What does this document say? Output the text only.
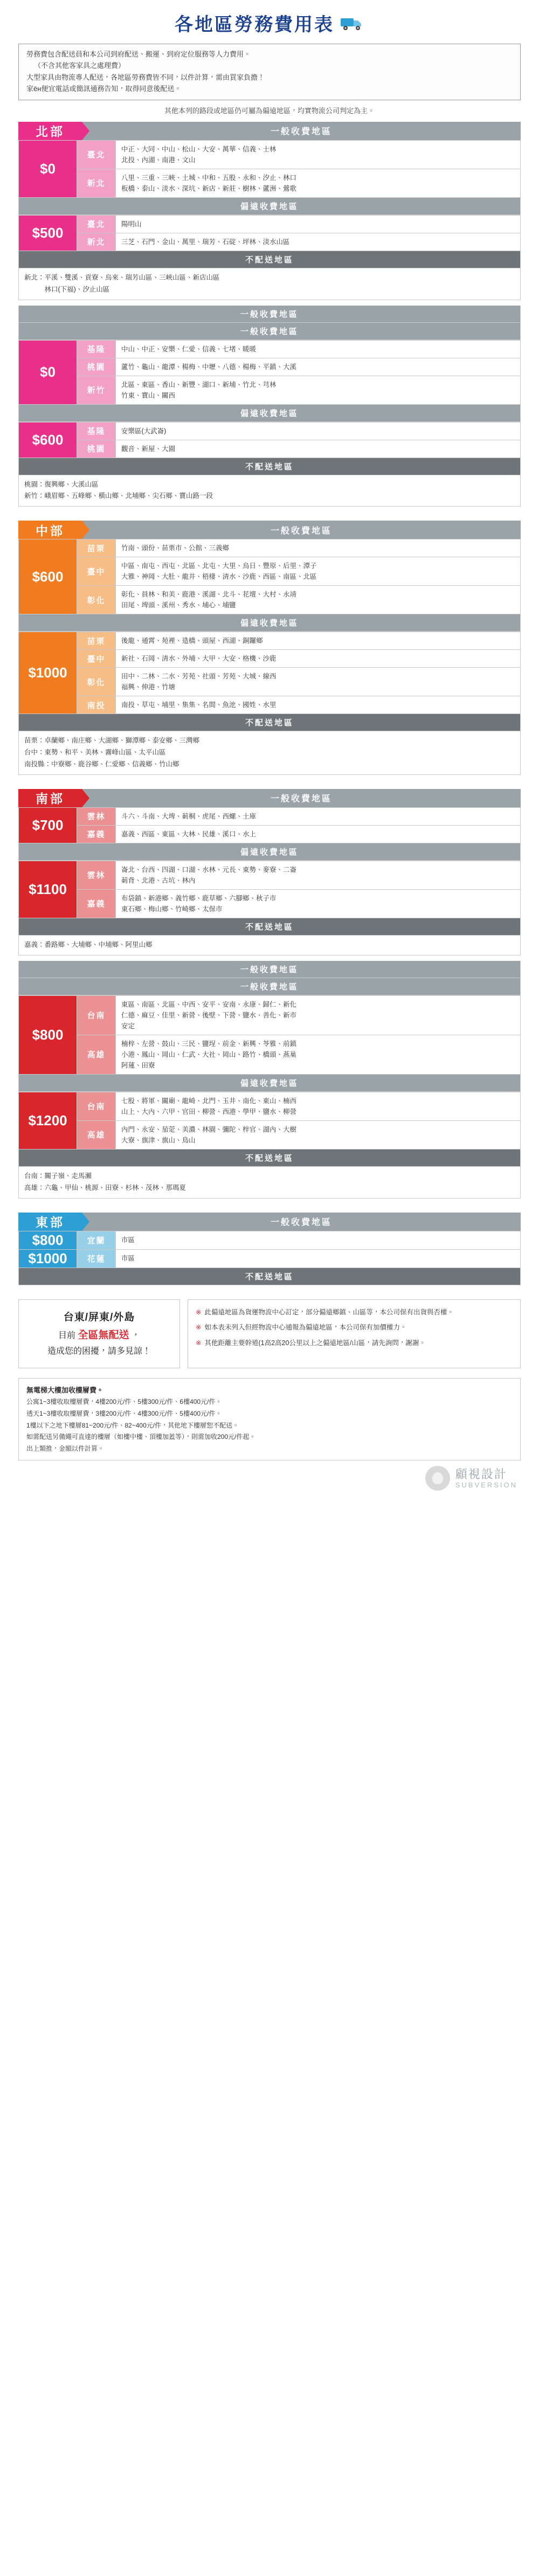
各地區勞務費用表
勞務費包含配送員和本公司到府配送、搬運、到府定位服務等人力費用。
（不含其他客家具之處理費）
大型家具由物流專人配送，各地區勞務費皆不同，以件計算，需由買家負擔！
家ён便宜電話或簡訊通務告知，取得同意後配送。
其他本列的路段或地區仍可屬為偏遠地區，均實物流公司判定為主。
北部	一般收費地區
$0	臺北	中正、大同、中山、松山、大安、萬華、信義、士林
北投、內湖、南港、文山

	新北	八里、三重、三峽、土城、中和、五股、永和、汐止、林口
板橋、泰山、淡水、深坑、新店、新莊、樹林、蘆洲、鶯歌
偏遠收費地區
$500	臺北	陽明山

	新北	三芝、石門、金山、萬里、瑞芳、石碇、坪林、淡水山區
不配送地區
新北：平溪、雙溪、貢寮、烏來、瑞芳山區、三峽山區、新店山區
　　　林口(下福)、汐止山區
一般收費地區
一般收費地區
$0	基隆	中山、中正、安樂、仁愛、信義、七堵、暖暖

	桃園	蘆竹、龜山、龍潭、楊梅、中壢、八德、楊梅、平鎮、大溪

	新竹	北區、東區、香山、新豐、湖口、新埔、竹北、芎林
竹東、寶山、關西
偏遠收費地區
$600	基隆	安樂區(大武崙)

	桃園	觀音、新屋、大園
不配送地區
桃園：復興鄉、大溪山區
新竹：峨眉鄉、五峰鄉、橫山鄉、北埔鄉、尖石鄉、寶山路一段
中部	一般收費地區
$600	苗栗	竹南、頭份、苗栗市、公館、三義鄉

	臺中	中區、南屯、西屯、北區、北屯、大里、烏日、豐原、后里、潭子
大雅、神岡、大肚、龍井、梧棲、清水、沙鹿、西區、南區、北區

	彰化	彰化、員林、和美、鹿港、溪湖、北斗、花壇、大村、永靖
田尾、埤頭、溪州、秀水、埔心、埔鹽
偏遠收費地區
$1000	苗栗	後龍、通霄、苑裡、造橋、頭屋、西湖、銅鑼鄉

	臺中	新社、石岡、清水、外埔、大甲、大安、格機、沙鹿

	彰化	田中、二林、二水、芳苑、社頭、芳苑、大城、線西
福興、伸港、竹塘

	南投	南投、草屯、埔里、集集、名間、魚池、國姓、水里
不配送地區
苗栗：卓蘭鄉、南庄鄉、大湖鄉、獅潭鄉、泰安鄉、三灣鄉
台中：東勢、和平、美林、霧峰山區、太平山區
南投縣：中寮鄉、鹿谷鄉、仁愛鄉、信義鄉、竹山鄉
南部	一般收費地區
$700	雲林	斗六、斗南、大埤、莿桐、虎尾、西螺、土庫

	嘉義	嘉義、西區、東區、大林、民雄、溪口、水上
偏遠收費地區
$1100	雲林	崙北、台西、四湖、口湖、水林、元長、東勢、麥寮、二崙
莿背、北港、古坑、林內

	嘉義	布袋鎮、新港鄉、義竹鄉、鹿草鄉、六腳鄉、秋子市
東石鄉、梅山鄉、竹崎鄉、太保市
不配送地區
嘉義：番路鄉、大埔鄉、中埔鄉、阿里山鄉
一般收費地區
一般收費地區
$800	台南	東區、南區、北區、中西、安平、安南、永康、歸仁、新化
仁德、麻豆、佳里、新營、後壁、下營、鹽水、善化、新市
安定

	高雄	楠梓、左營、鼓山、三民、鹽埕、前金、新興、苓雅、前鎮
小港、鳳山、岡山、仁武、大社、岡山、路竹、橋頭、燕巢
阿蓮、田寮
偏遠收費地區
$1200	台南	七股、將軍、關廟、龍崎、北門、玉井、南化、東山、楠西
山上、大內、六甲、官田、柳營、西港、學甲、鹽水、柳營

	高雄	內門、永安、茄萣、美濃、林園、彌陀、梓官、湖內、大樹
大寮、旗津、旗山、鳥山
不配送地區
台南：關子嶺、走馬瀨
高雄：六龜、甲仙、桃源、田寮、杉林、茂林、那瑪夏
東部	一般收費地區
$800	宜蘭	市區

$1000	花蓮	市區
不配送地區
台東/屏東/外島
目前 全區無配送 ，
造成您的困擾，請多見諒！
※ 此偏遠地區為貨運物流中心訂定，部分偏遠鄉鎮、山區等，本公司保有出貨與否權。
※ 如本表未列入但經物流中心通報為偏遠地區，本公司保有加價權力。
※ 其他距離主要幹道(1高2高20公里以上之偏遠地區/山區，請先詢問，謝謝。
無電梯大樓加收樓層費。
公寓1~3樓收取樓層費，4樓200元/件、5樓300元/件、6樓400元/件。
透天1~3樓收取樓層費，3樓200元/件、4樓300元/件、5樓400元/件。
1樓以下之地下樓層81~200元/件、82~400元/件，其他地下樓層恕不配送。
如需配送另備繩可直達的樓層（如樓中樓、頂樓加蓋等），則需加收200元/件起。
出上類推，金額以件計算。
顧視設計
SUBVERSION
